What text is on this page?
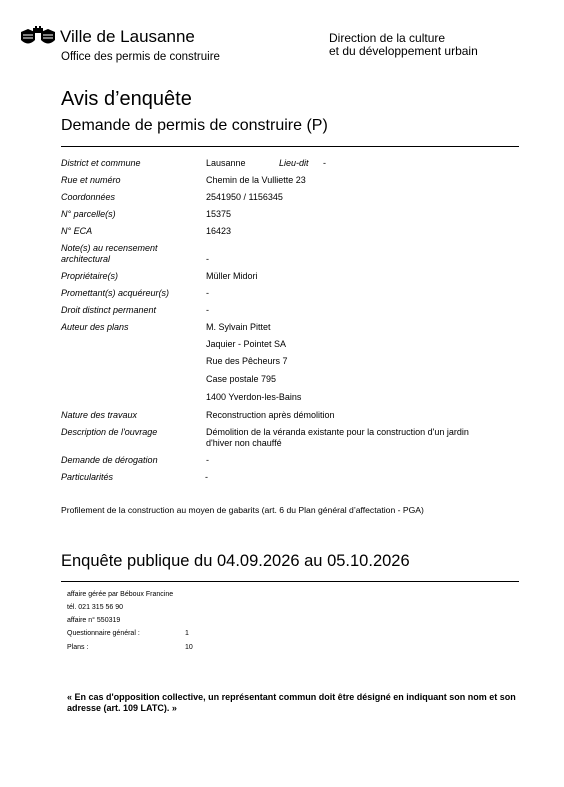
Ville de Lausanne
Office des permis de construire
Direction de la culture
et du développement urbain
Avis d’enquête
Demande de permis de construire (P)
District et commune	Lausanne	Lieu-dit -
Rue et numéro	Chemin de la Vulliette 23
Coordonnées	2541950 / 1156345
N° parcelle(s)	15375
N° ECA	16423
Note(s) au recensement architectural	-
Propriétaire(s)	Müller Midori
Promettant(s) acquéreur(s)	-
Droit distinct permanent	-
Auteur des plans	M. Sylvain Pittet
Jaquier - Pointet SA
Rue des Pêcheurs 7
Case postale 795
1400 Yverdon-les-Bains
Nature des travaux	Reconstruction après démolition
Description de l'ouvrage	Démolition de la véranda existante pour la construction d'un jardin d'hiver non chauffé
Demande de dérogation	-
Particularités	-
Profilement de la construction au moyen de gabarits (art. 6 du Plan général d’affectation - PGA)
Enquête publique du 04.09.2026 au 05.10.2026
affaire gérée par Béboux Francine
tél. 021 315 56 90
affaire n° 550319
Questionnaire général :	1
Plans :	10
« En cas d'opposition collective, un représentant commun doit être désigné en indiquant son nom et son adresse (art. 109 LATC). »
